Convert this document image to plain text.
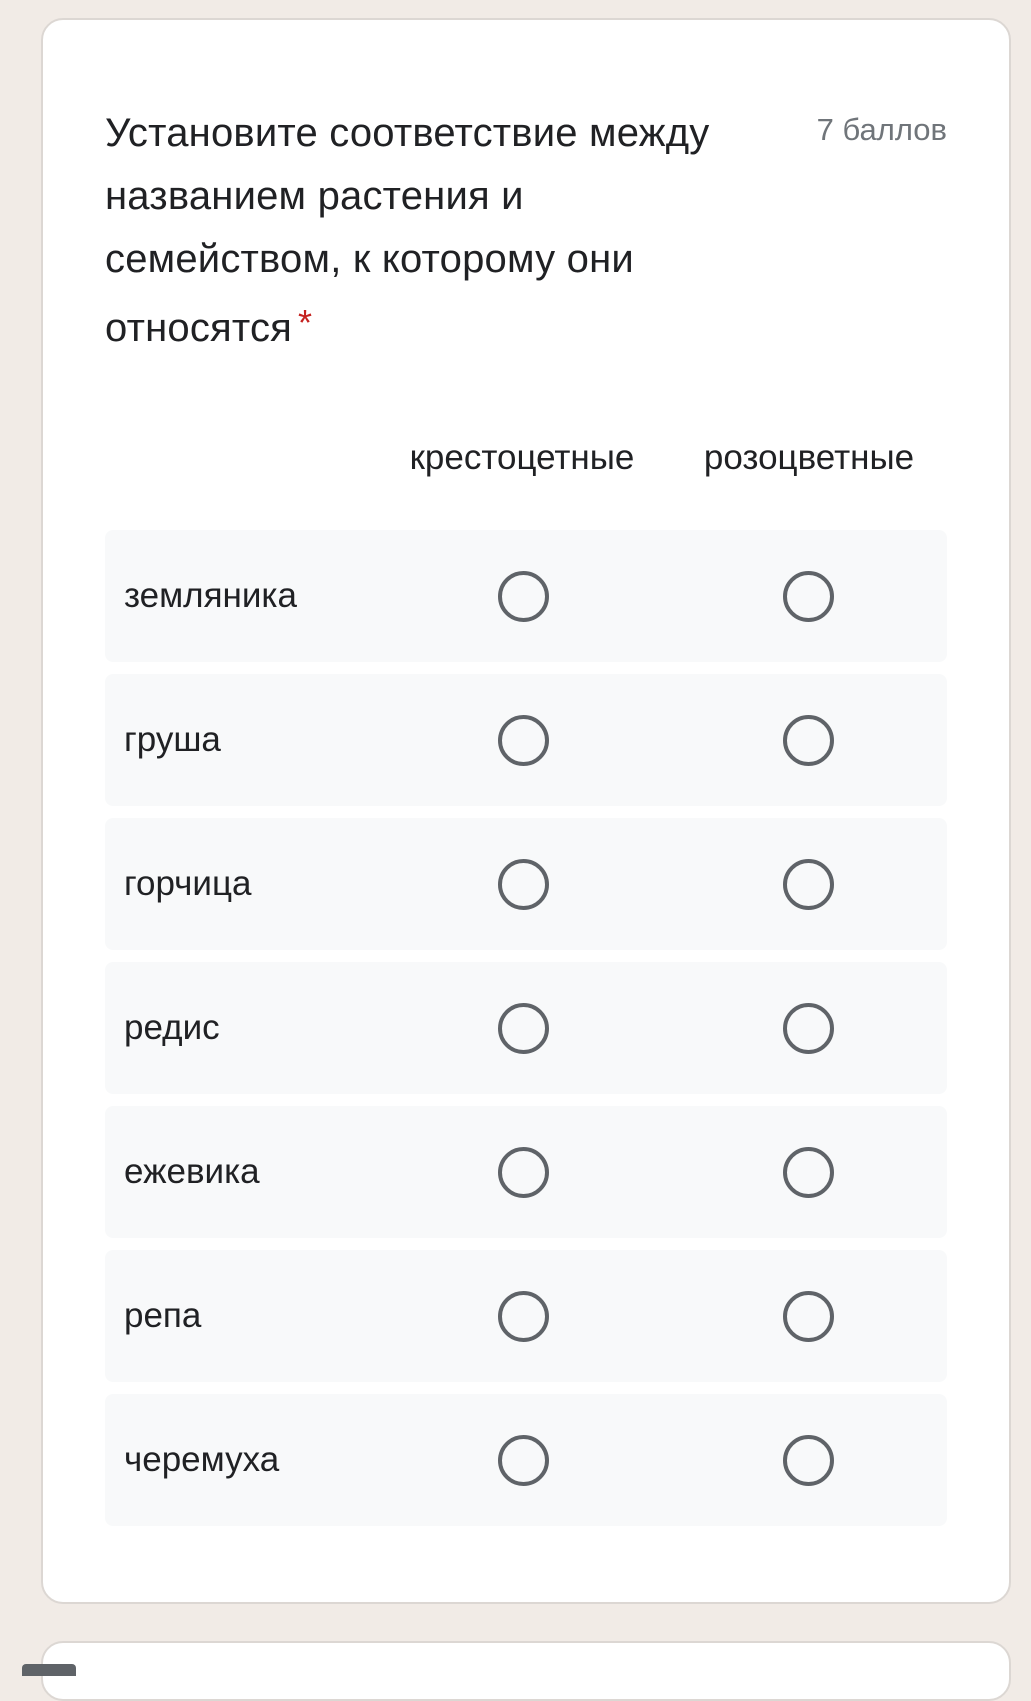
Установите соответствие между названием растения и семейством, к которому они относятся *
7 баллов
крестоцетные	розоцветные
земляника
груша
горчица
редис
ежевика
репа
черемуха
